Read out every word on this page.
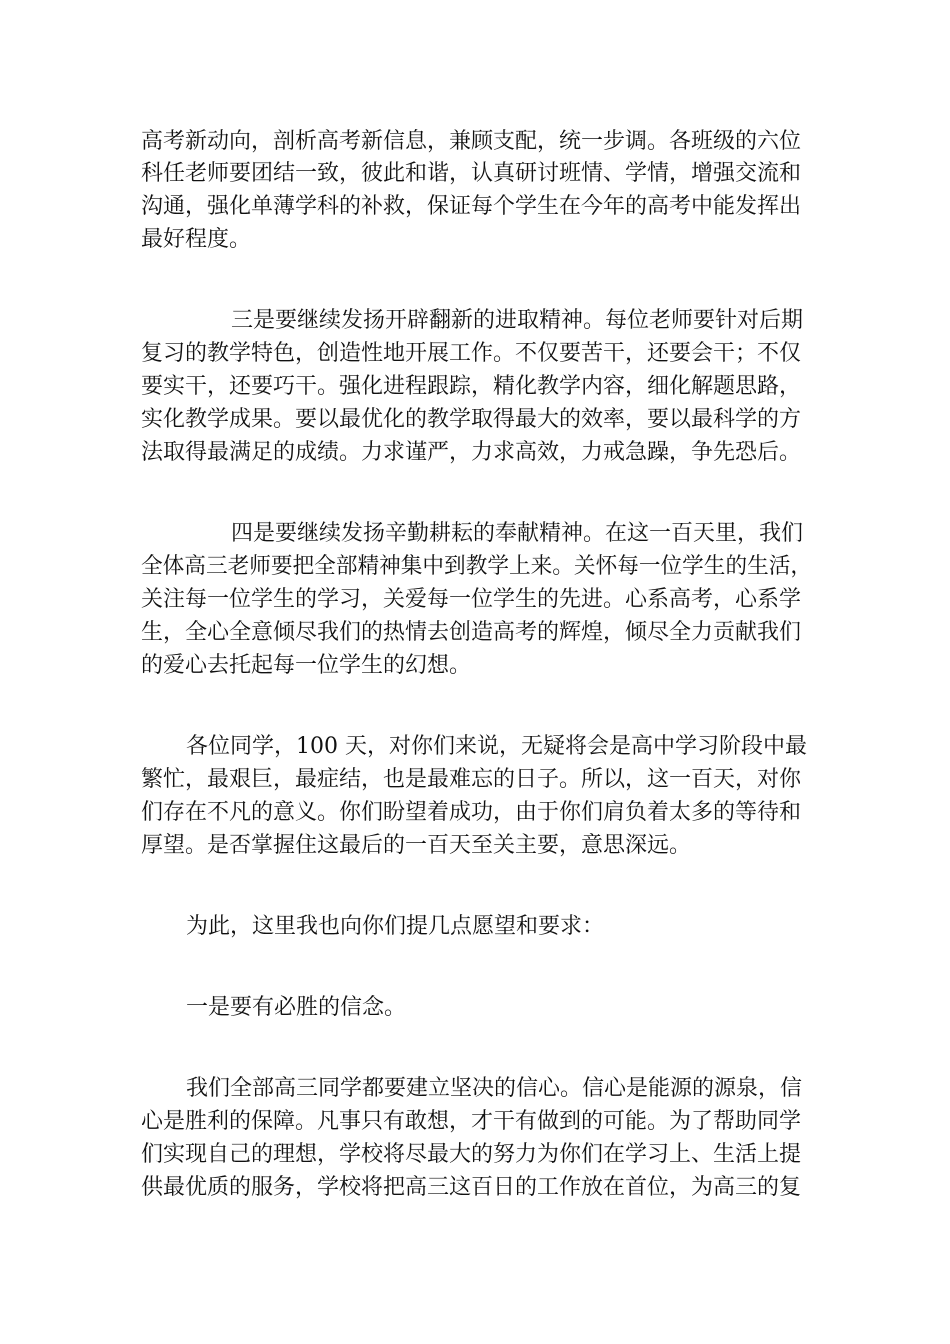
高考新动向，剖析高考新信息，兼顾支配，统一步调。各班级的六位
科任老师要团结一致，彼此和谐，认真研讨班情、学情，增强交流和
沟通，强化单薄学科的补救，保证每个学生在今年的高考中能发挥出
最好程度。
三是要继续发扬开辟翻新的进取精神。每位老师要针对后期
复习的教学特色，创造性地开展工作。不仅要苦干，还要会干；不仅
要实干，还要巧干。强化进程跟踪，精化教学内容，细化解题思路，
实化教学成果。要以最优化的教学取得最大的效率，要以最科学的方
法取得最满足的成绩。力求谨严，力求高效，力戒急躁，争先恐后。
四是要继续发扬辛勤耕耘的奉献精神。在这一百天里，我们
全体高三老师要把全部精神集中到教学上来。关怀每一位学生的生活，
关注每一位学生的学习，关爱每一位学生的先进。心系高考，心系学
生，全心全意倾尽我们的热情去创造高考的辉煌，倾尽全力贡献我们
的爱心去托起每一位学生的幻想。
各位同学，100 天，对你们来说，无疑将会是高中学习阶段中最
繁忙，最艰巨，最症结，也是最难忘的日子。所以，这一百天，对你
们存在不凡的意义。你们盼望着成功，由于你们肩负着太多的等待和
厚望。是否掌握住这最后的一百天至关主要，意思深远。
为此，这里我也向你们提几点愿望和要求：
一是要有必胜的信念。
我们全部高三同学都要建立坚决的信心。信心是能源的源泉，信
心是胜利的保障。凡事只有敢想，才干有做到的可能。为了帮助同学
们实现自己的理想，学校将尽最大的努力为你们在学习上、生活上提
供最优质的服务，学校将把高三这百日的工作放在首位，为高三的复
